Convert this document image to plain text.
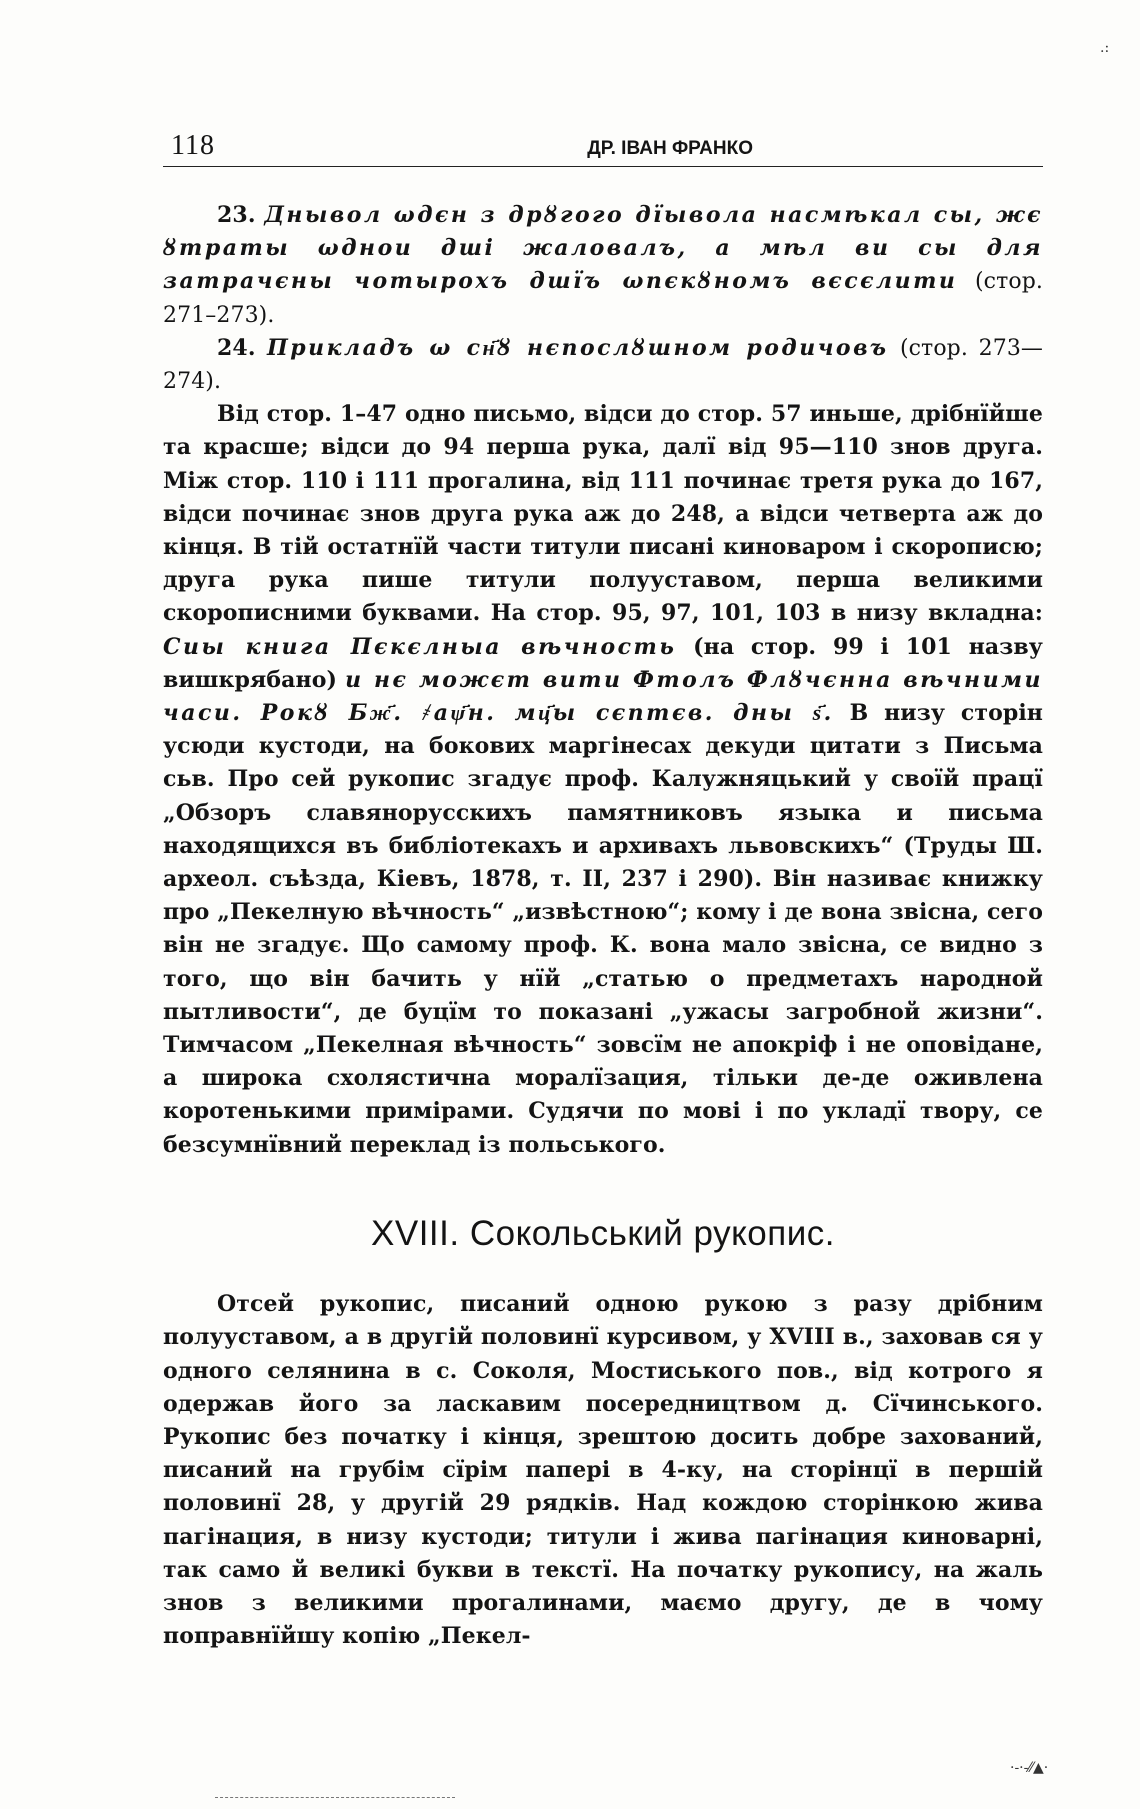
.:
118	ДР. ІВАН ФРАНКО

23. Днывол ωдєн з дрȣгого дїывола насмѣкал сы, жє ȣтраты ωднои дші жаловалъ, а мѣл ви сы для затрачєны чотырохъ дшїъ ωпєкȣномъ вєсєлити (стор. 271–273).

24. Прикладъ ω сн҃ȣ нєпослȣшном родичовъ (стор. 273—274).

Від стор. 1–47 одно письмо, відси до стор. 57 иньше, дрібнїйше та красше; відси до 94 перша рука, далї від 95—110 знов друга. Між стор. 110 і 111 прогалина, від 111 починає третя рука до 167, відси починає знов друга рука аж до 248, а відси четверта аж до кінця. В тій остатнїй части титули писані киноваром і скорописю; друга рука пише титули полууставом, перша великими скорописними буквами. На стор. 95, 97, 101, 103 в низу вкладна: Сиы книга Пєкєлныа вѣчность (на стор. 99 і 101 назву вишкрябано) и нє можєт вити Фтолъ Флȣчєнна вѣчними часи. Рокȣ Бж҃. ҂аѱ҃н. мц҃ы сєптєв. дны ѕ҃. В низу сторін усюди кустоди, на бокових маргінесах декуди цитати з Письма сьв. Про сей рукопис згадує проф. Калужняцький у своїй працї „Обзоръ славянорусскихъ памятниковъ языка и письма находящихся въ библіотекахъ и архивахъ львовскихъ“ (Труды Ш. археол. съѣзда, Кіевъ, 1878, т. II, 237 і 290). Він називає книжку про „Пекелную вѣчность“ „извѣстною“; кому і де вона звісна, сего він не згадує. Що самому проф. К. вона мало звісна, се видно з того, що він бачить у нїй „статью о предметахъ народной пытливости“, де буцїм то показані „ужасы загробной жизни“. Тимчасом „Пекелная вѣчность“ зовсїм не апокріф і не оповідане, а широка схолястична моралїзация, тільки де-де оживлена коротенькими примірами. Судячи по мові і по укладї твору, се безсумнївний переклад із польського.

XVIII. Сокольський рукопис.

Отсей рукопис, писаний одною рукою з разу дрібним полууставом, а в другій половинї курсивом, у XVIII в., заховав ся у одного селянина в с. Соколя, Мостиського пов., від котрого я одержав його за ласкавим посередництвом д. Сїчинського. Рукопис без початку і кінця, зрештою досить добре захований, писаний на грубім сїрім папері в 4-ку, на сторінцї в першій половинї 28, у другій 29 рядків. Над кождою сторінкою жива пагінация, в низу кустоди; титули і жива пагінация киноварні, так само й великі букви в текстї. На початку рукопису, на жаль знов з великими прогалинами, маємо другу, де в чому поправнїйшу копію „Пекел-

·-·-⁄⁄▲·
